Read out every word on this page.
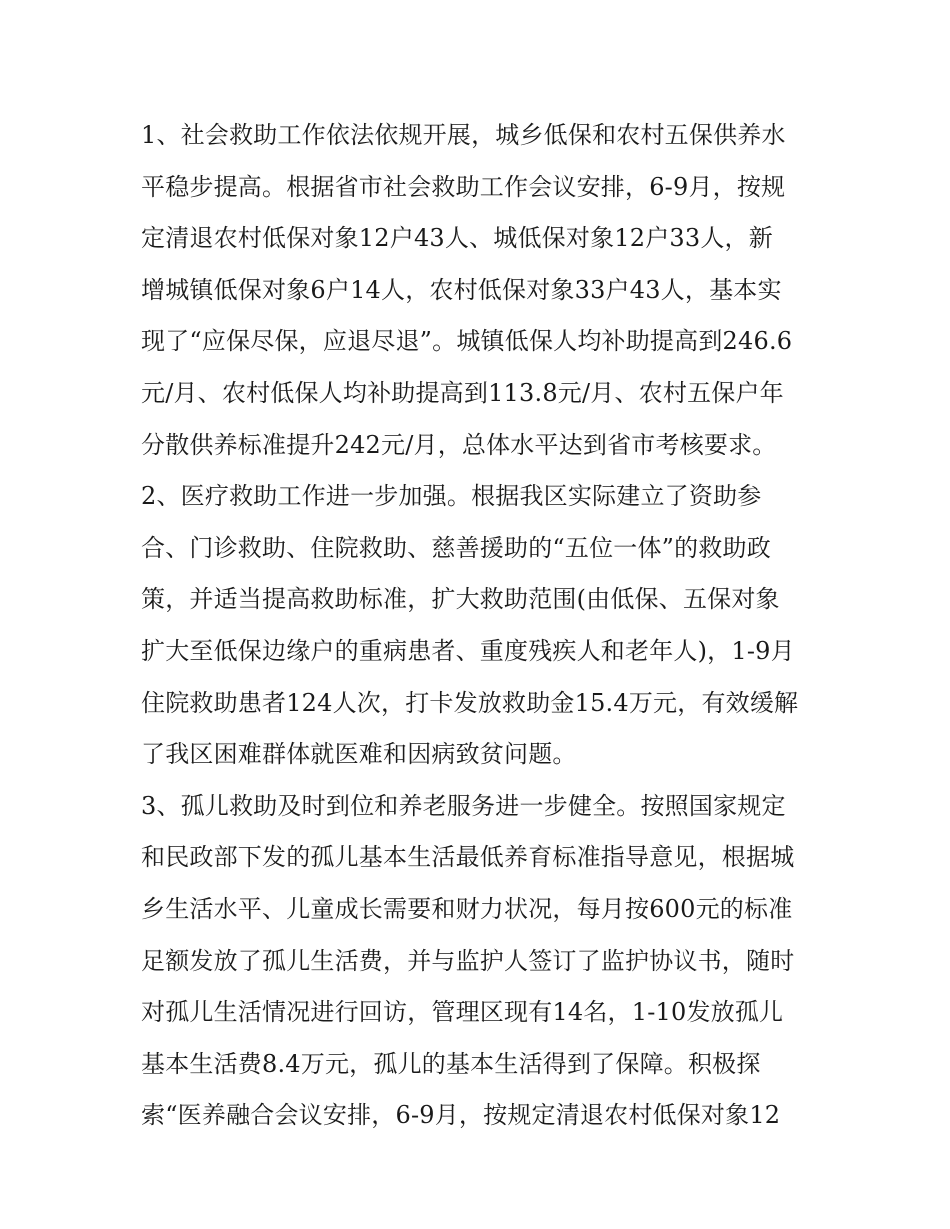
1、社会救助工作依法依规开展，城乡低保和农村五保供养水
平稳步提高。根据省市社会救助工作会议安排，6-9月，按规
定清退农村低保对象12户43人、城低保对象12户33人，新
增城镇低保对象6户14人，农村低保对象33户43人，基本实
现了“应保尽保，应退尽退”。城镇低保人均补助提高到246.6
元/月、农村低保人均补助提高到113.8元/月、农村五保户年
分散供养标准提升242元/月，总体水平达到省市考核要求。
2、医疗救助工作进一步加强。根据我区实际建立了资助参
合、门诊救助、住院救助、慈善援助的“五位一体”的救助政
策，并适当提高救助标准，扩大救助范围(由低保、五保对象
扩大至低保边缘户的重病患者、重度残疾人和老年人)，1-9月
住院救助患者124人次，打卡发放救助金15.4万元，有效缓解
了我区困难群体就医难和因病致贫问题。
3、孤儿救助及时到位和养老服务进一步健全。按照国家规定
和民政部下发的孤儿基本生活最低养育标准指导意见，根据城
乡生活水平、儿童成长需要和财力状况，每月按600元的标准
足额发放了孤儿生活费，并与监护人签订了监护协议书，随时
对孤儿生活情况进行回访，管理区现有14名，1-10发放孤儿
基本生活费8.4万元，孤儿的基本生活得到了保障。积极探
索“医养融合会议安排，6-9月，按规定清退农村低保对象12
